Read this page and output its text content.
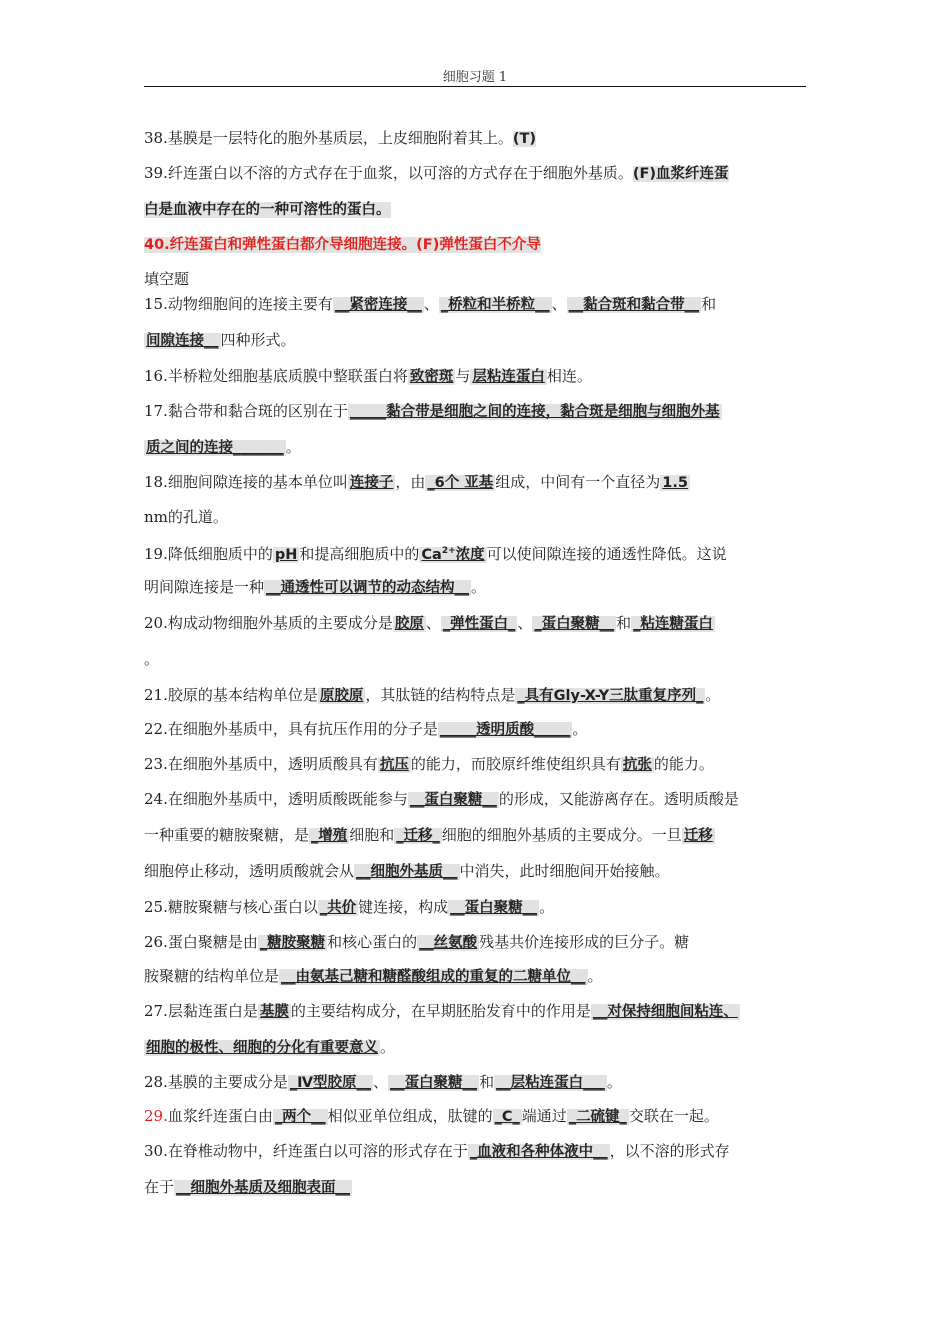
细胞习题 1
38.基膜是一层特化的胞外基质层，上皮细胞附着其上。(T)
39.纤连蛋白以不溶的方式存在于血浆，以可溶的方式存在于细胞外基质。(F)血浆纤连蛋
白是血液中存在的一种可溶性的蛋白。
40.纤连蛋白和弹性蛋白都介导细胞连接。(F)弹性蛋白不介导
填空题
15.动物细胞间的连接主要有 __紧密连接__ 、 _桥粒和半桥粒__ 、 __黏合斑和黏合带__ 和
间隙连接__ 四种形式。
16.半桥粒处细胞基底质膜中整联蛋白将 致密斑 与 层粘连蛋白 相连。
17.黏合带和黏合斑的区别在于 _____黏合带是细胞之间的连接，黏合斑是细胞与细胞外基
质之间的连接_______ 。
18.细胞间隙连接的基本单位叫 连接子 ，由 _6个 亚基 组成，中间有一个直径为 1.5
nm的孔道。
19.降低细胞质中的 pH 和提高细胞质中的 $Ca^{2+}$浓度 可以使间隙连接的通透性降低。这说
明间隙连接是一种 __通透性可以调节的动态结构__ 。
20.构成动物细胞外基质的主要成分是 胶原 、 _弹性蛋白_ 、 _蛋白聚糖__ 和 _粘连糖蛋白
。
21.胶原的基本结构单位是 原胶原 ，其肽链的结构特点是 _具有Gly-X-Y三肽重复序列_ 。
22.在细胞外基质中，具有抗压作用的分子是 _____透明质酸_____ 。
23.在细胞外基质中，透明质酸具有 抗压 的能力，而胶原纤维使组织具有 抗张 的能力。
24.在细胞外基质中，透明质酸既能参与 __蛋白聚糖__ 的形成，又能游离存在。透明质酸是
一种重要的糖胺聚糖，是 _增殖 细胞和 _迁移_ 细胞的细胞外基质的主要成分。一旦 迁移
细胞停止移动，透明质酸就会从 __细胞外基质__ 中消失，此时细胞间开始接触。
25.糖胺聚糖与核心蛋白以 _共价 键连接，构成 __蛋白聚糖__ 。
26.蛋白聚糖是由 _糖胺聚糖 和核心蛋白的 __丝氨酸 残基共价连接形成的巨分子。糖
胺聚糖的结构单位是 __由氨基己糖和糖醛酸组成的重复的二糖单位__ 。
27.层黏连蛋白是 基膜 的主要结构成分，在早期胚胎发育中的作用是 __对保持细胞间粘连、
细胞的极性、细胞的分化有重要意义 。
28.基膜的主要成分是 _Ⅳ型胶原__ 、 __蛋白聚糖__ 和 __层粘连蛋白___ 。
29.血浆纤连蛋白由 _两个__ 相似亚单位组成，肽键的 _C_ 端通过 _二硫键_ 交联在一起。
30.在脊椎动物中，纤连蛋白以可溶的形式存在于 _血液和各种体液中__ ，以不溶的形式存
在于 __细胞外基质及细胞表面__
